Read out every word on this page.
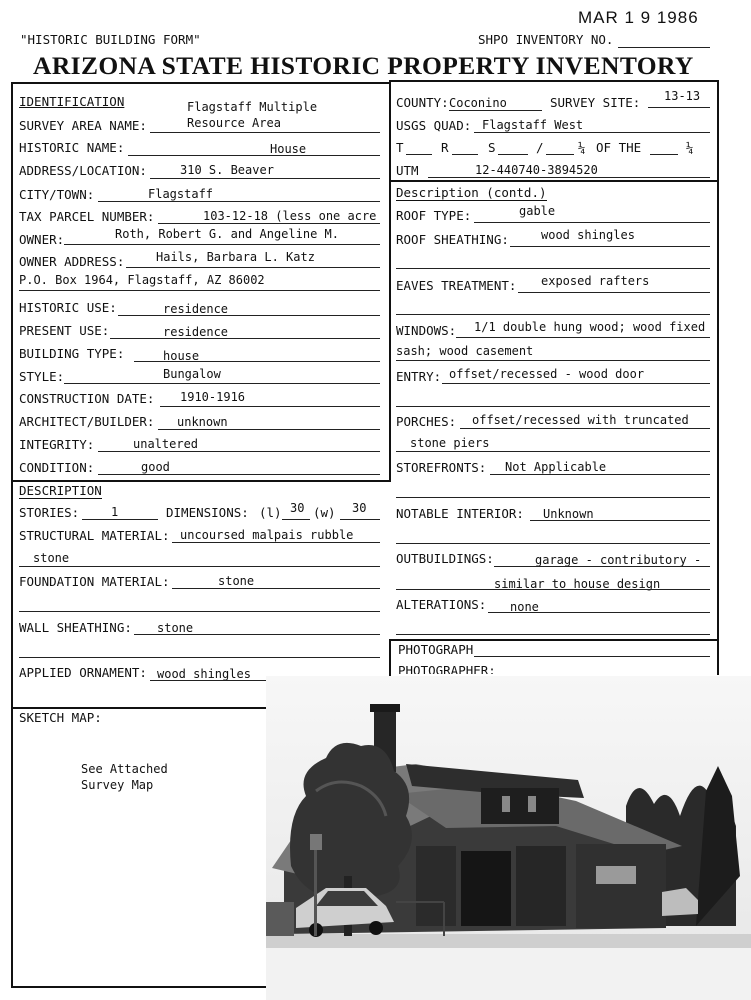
MAR 1 9 1986
"HISTORIC BUILDING FORM"	SHPO INVENTORY NO.
ARIZONA STATE HISTORIC PROPERTY INVENTORY
IDENTIFICATION	Flagstaff Multiple
SURVEY AREA NAME:	Resource Area
HISTORIC NAME:	House
ADDRESS/LOCATION:	310 S. Beaver
CITY/TOWN:	Flagstaff
TAX PARCEL NUMBER:	103-12-18 (less one acre
OWNER:	Roth, Robert G. and Angeline M.
OWNER ADDRESS:	Hails, Barbara L. Katz
P.O. Box 1964, Flagstaff, AZ 86002
HISTORIC USE:	residence
PRESENT USE:	residence
BUILDING TYPE:	house
STYLE:	Bungalow
CONSTRUCTION DATE: 1910-1916
ARCHITECT/BUILDER: unknown
INTEGRITY:	unaltered
CONDITION:	good
COUNTY: Coconino	SURVEY SITE: 13-13
USGS QUAD: Flagstaff West
T	R	S	/	¼ OF THE	¼
UTM	12-440740-3894520
Description (contd.)
ROOF TYPE:	gable
ROOF SHEATHING:	wood shingles
EAVES TREATMENT: exposed rafters
WINDOWS: 1/1 double hung wood; wood fixed
sash; wood casement
ENTRY: offset/recessed - wood door
PORCHES: offset/recessed with truncated
stone piers
STOREFRONTS: Not Applicable
NOTABLE INTERIOR: Unknown
OUTBUILDINGS:	garage - contributory -
similar to house design
ALTERATIONS: none
DESCRIPTION
STORIES:	1	DIMENSIONS: (l) 30 (w) 30
STRUCTURAL MATERIAL: uncoursed malpais rubble
stone
FOUNDATION MATERIAL:	stone
WALL SHEATHING: stone
APPLIED ORNAMENT: wood shingles
PHOTOGRAPH
PHOTOGRAPHER:
SKETCH MAP:
See Attached
Survey Map
